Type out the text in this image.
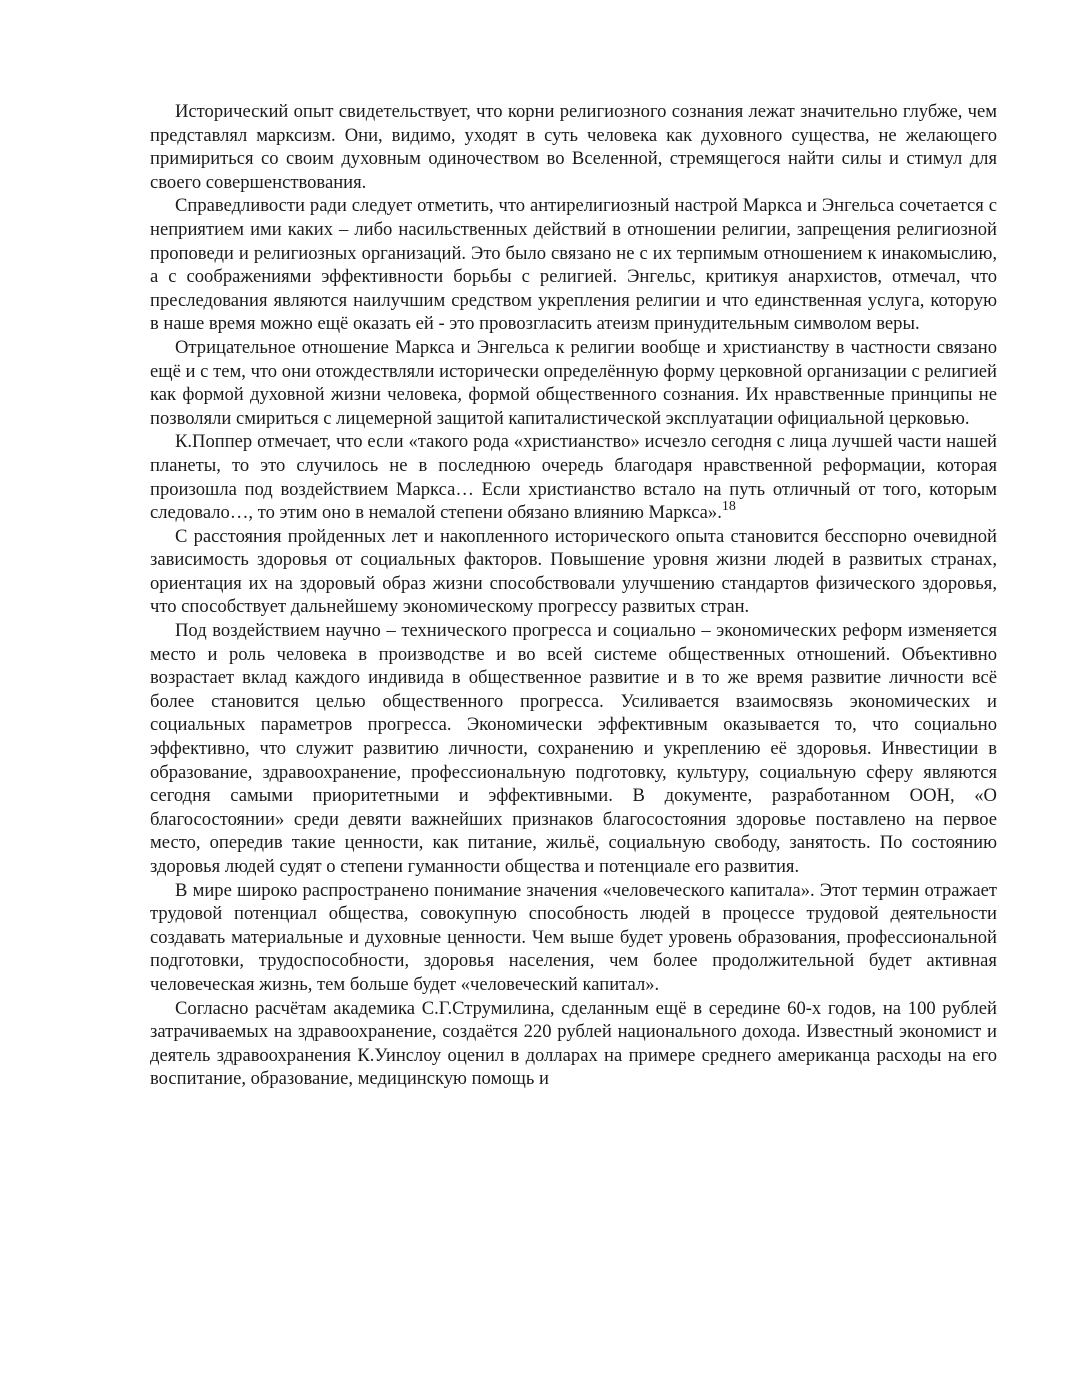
Исторический опыт свидетельствует, что корни религиозного сознания лежат значительно глубже, чем представлял марксизм. Они, видимо, уходят в суть человека как духовного существа, не желающего примириться со своим духовным одиночеством во Вселенной, стремящегося найти силы и стимул для своего совершенствования.

Справедливости ради следует отметить, что антирелигиозный настрой Маркса и Энгельса сочетается с неприятием ими каких – либо насильственных действий в отношении религии, запрещения религиозной проповеди и религиозных организаций. Это было связано не с их терпимым отношением к инакомыслию, а с соображениями эффективности борьбы с религией. Энгельс, критикуя анархистов, отмечал, что преследования являются наилучшим средством укрепления религии и что единственная услуга, которую в наше время можно ещё оказать ей - это провозгласить атеизм принудительным символом веры.

Отрицательное отношение Маркса и Энгельса к религии вообще и христианству в частности связано ещё и с тем, что они отождествляли исторически определённую форму церковной организации с религией как формой духовной жизни человека, формой общественного сознания. Их нравственные принципы не позволяли смириться с лицемерной защитой капиталистической эксплуатации официальной церковью.

К.Поппер отмечает, что если «такого рода «христианство» исчезло сегодня с лица лучшей части нашей планеты, то это случилось не в последнюю очередь благодаря нравственной реформации, которая произошла под воздействием Маркса… Если христианство встало на путь отличный от того, которым следовало…, то этим оно в немалой степени обязано влиянию Маркса».$^{18}$

С расстояния пройденных лет и накопленного исторического опыта становится бесспорно очевидной зависимость здоровья от социальных факторов. Повышение уровня жизни людей в развитых странах, ориентация их на здоровый образ жизни способствовали улучшению стандартов физического здоровья, что способствует дальнейшему экономическому прогрессу развитых стран.

Под воздействием научно – технического прогресса и социально – экономических реформ изменяется место и роль человека в производстве и во всей системе общественных отношений. Объективно возрастает вклад каждого индивида в общественное развитие и в то же время развитие личности всё более становится целью общественного прогресса. Усиливается взаимосвязь экономических и социальных параметров прогресса. Экономически эффективным оказывается то, что социально эффективно, что служит развитию личности, сохранению и укреплению её здоровья. Инвестиции в образование, здравоохранение, профессиональную подготовку, культуру, социальную сферу являются сегодня самыми приоритетными и эффективными. В документе, разработанном ООН, «О благосостоянии» среди девяти важнейших признаков благосостояния здоровье поставлено на первое место, опередив такие ценности, как питание, жильё, социальную свободу, занятость. По состоянию здоровья людей судят о степени гуманности общества и потенциале его развития.

В мире широко распространено понимание значения «человеческого капитала». Этот термин отражает трудовой потенциал общества, совокупную способность людей в процессе трудовой деятельности создавать материальные и духовные ценности. Чем выше будет уровень образования, профессиональной подготовки, трудоспособности, здоровья населения, чем более продолжительной будет активная человеческая жизнь, тем больше будет «человеческий капитал».

Согласно расчётам академика С.Г.Струмилина, сделанным ещё в середине 60-х годов, на 100 рублей затрачиваемых на здравоохранение, создаётся 220 рублей национального дохода. Известный экономист и деятель здравоохранения К.Уинслоу оценил в долларах на примере среднего американца расходы на его воспитание, образование, медицинскую помощь и
